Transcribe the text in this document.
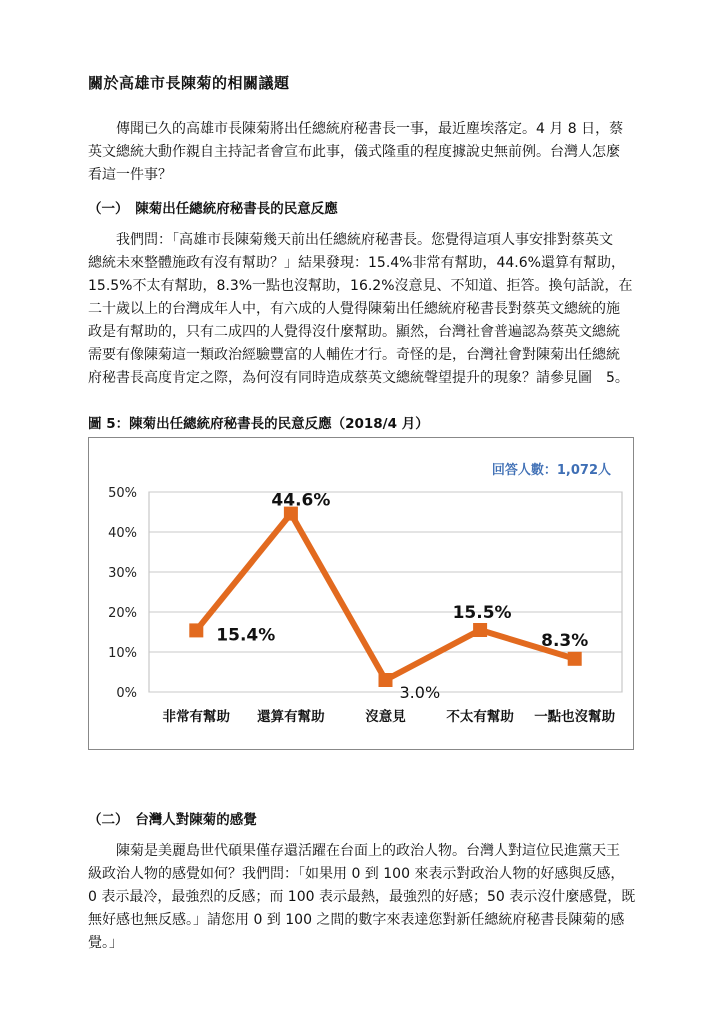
關於高雄市長陳菊的相關議題
傳聞已久的高雄市長陳菊將出任總統府秘書長一事，最近塵埃落定。4 月 8 日，蔡
英文總統大動作親自主持記者會宣布此事，儀式隆重的程度據說史無前例。台灣人怎麼
看這一件事？
（一）　陳菊出任總統府秘書長的民意反應
我們問：「高雄市長陳菊幾天前出任總統府秘書長。您覺得這項人事安排對蔡英文
總統未來整體施政有沒有幫助？」結果發現：15.4%非常有幫助，44.6%還算有幫助，
15.5%不太有幫助，8.3%一點也沒幫助，16.2%沒意見、不知道、拒答。換句話說，在
二十歲以上的台灣成年人中，有六成的人覺得陳菊出任總統府秘書長對蔡英文總統的施
政是有幫助的，只有二成四的人覺得沒什麼幫助。顯然，台灣社會普遍認為蔡英文總統
需要有像陳菊這一類政治經驗豐富的人輔佐才行。奇怪的是，台灣社會對陳菊出任總統
府秘書長高度肯定之際，為何沒有同時造成蔡英文總統聲望提升的現象？請參見圖　5。
圖 5：陳菊出任總統府秘書長的民意反應（2018/4 月）
0%
10%
20%
30%
40%
50%
非常有幫助 還算有幫助	沒意見	不太有幫助 一點也沒幫助
15.4%
44.6%
3.0%
15.5%
8.3%
回答人數：1,072人
（二）　台灣人對陳菊的感覺
陳菊是美麗島世代碩果僅存還活躍在台面上的政治人物。台灣人對這位民進黨天王
級政治人物的感覺如何？我們問：「如果用 0 到 100 來表示對政治人物的好感與反感，
0 表示最冷，最強烈的反感；而 100 表示最熱，最強烈的好感；50 表示沒什麼感覺，既
無好感也無反感。」請您用 0 到 100 之間的數字來表達您對新任總統府秘書長陳菊的感
覺。」
